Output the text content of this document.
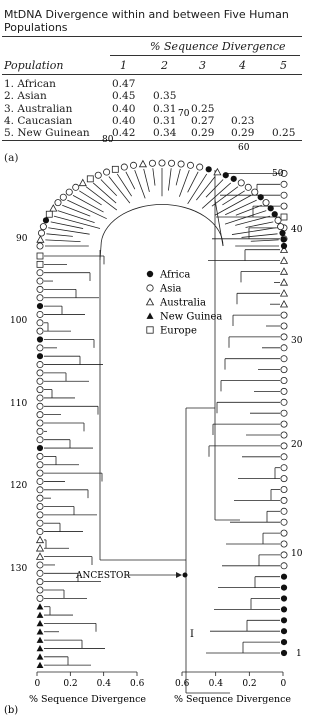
MtDNA Divergence within and between Five Human Populations
% Sequence Divergence
Population	1	2	3	4	5
1. African	0.47
2. Asian	0.45 0.35
3. Australian	0.40 0.31 0.25
4. Caucasian	0.40 0.31 0.27 0.23
5. New Guinean 0.42 0.34 0.29 0.29 0.25
(a)
1
10
20
30
40
50
60
70
80
90
100
110
120
130
0	0.2 0.4 0.6
% Sequence Divergence
0.6 0.4 0.2	0
% Sequence Divergence
Africa
Asia
Australia
New Guinea
Europe
ANCESTOR
I
(b)
